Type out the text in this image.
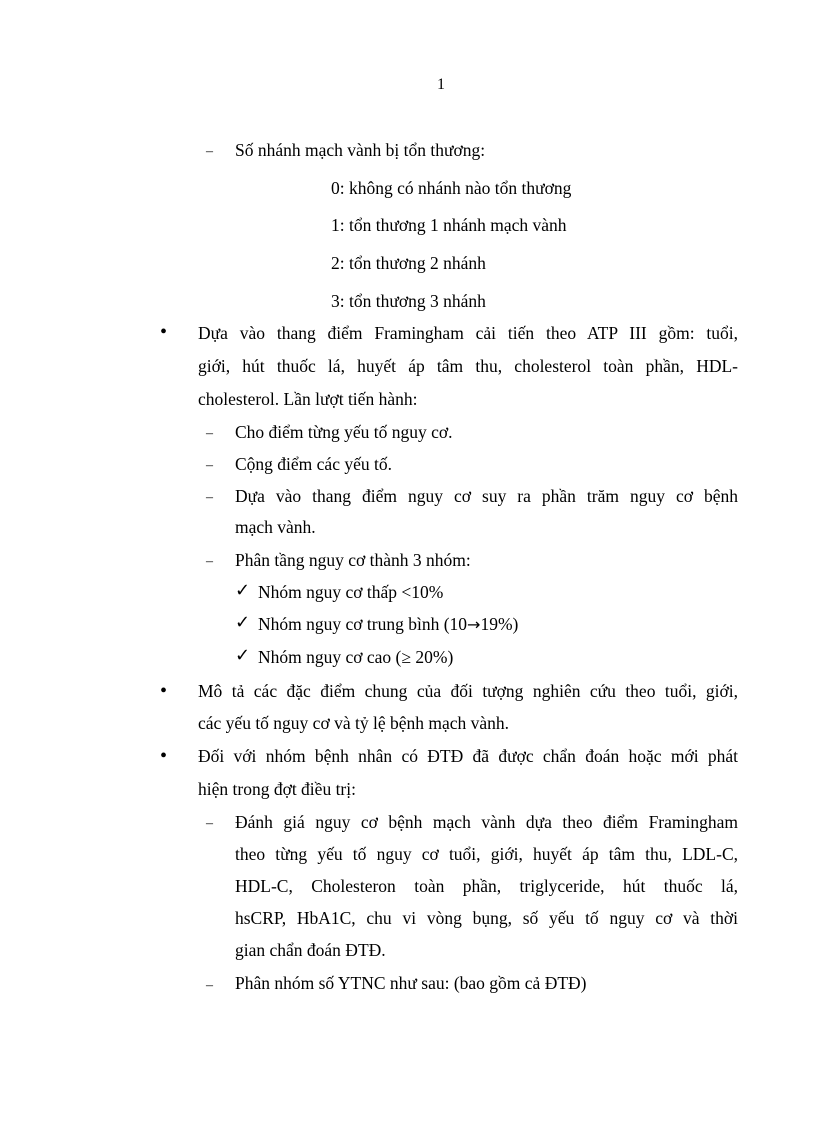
1
‒ Số nhánh mạch vành bị tổn thương:
0: không có nhánh nào tổn thương
1: tổn thương 1 nhánh mạch vành
2: tổn thương 2 nhánh
3: tổn thương 3 nhánh
• Dựa vào thang điểm Framingham cải tiến theo ATP III gồm: tuổi,
giới, hút thuốc lá, huyết áp tâm thu, cholesterol toàn phần, HDL-
cholesterol. Lần lượt tiến hành:
‒ Cho điểm từng yếu tố nguy cơ.
‒ Cộng điểm các yếu tố.
‒ Dựa vào thang điểm nguy cơ suy ra phần trăm nguy cơ bệnh
mạch vành.
‒ Phân tầng nguy cơ thành 3 nhóm:
✓ Nhóm nguy cơ thấp <10%
✓ Nhóm nguy cơ trung bình (10→19%)
✓ Nhóm nguy cơ cao (≥ 20%)
• Mô tả các đặc điểm chung của đối tượng nghiên cứu theo tuổi, giới,
các yếu tố nguy cơ và tỷ lệ bệnh mạch vành.
• Đối với nhóm bệnh nhân có ĐTĐ đã được chẩn đoán hoặc mới phát
hiện trong đợt điều trị:
‒ Đánh giá nguy cơ bệnh mạch vành dựa theo điểm Framingham
theo từng yếu tố nguy cơ tuổi, giới, huyết áp tâm thu, LDL-C,
HDL-C, Cholesteron toàn phần, triglyceride, hút thuốc lá,
hsCRP, HbA1C, chu vi vòng bụng, số yếu tố nguy cơ và thời
gian chẩn đoán ĐTĐ.
‒ Phân nhóm số YTNC như sau: (bao gồm cả ĐTĐ)
